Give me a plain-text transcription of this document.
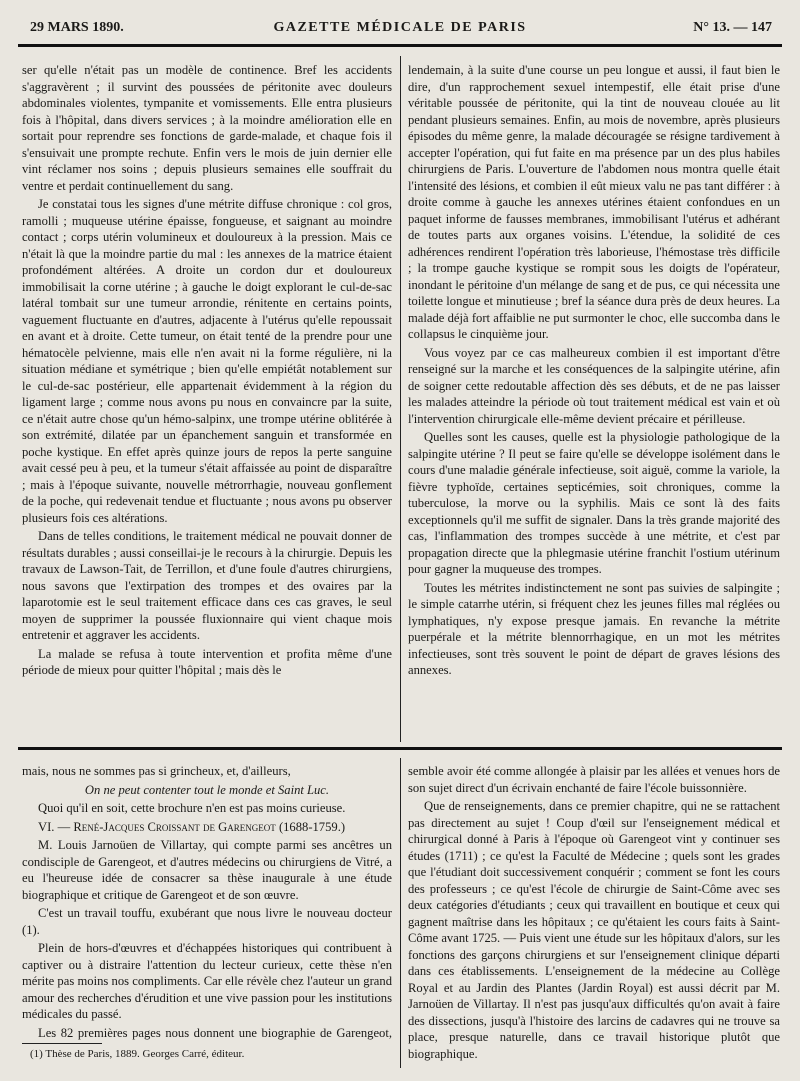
29 MARS 1890.	GAZETTE MÉDICALE DE PARIS	N° 13. — 147

ser qu'elle n'était pas un modèle de continence. Bref les accidents s'aggravèrent ; il survint des poussées de péritonite avec douleurs abdominales violentes, tympanite et vomissements. Elle entra plusieurs fois à l'hôpital, dans divers services ; à la moindre amélioration elle en sortait pour reprendre ses fonctions de garde-malade, et chaque fois il s'ensuivait une prompte rechute. Enfin vers le mois de juin dernier elle vint réclamer nos soins ; depuis plusieurs semaines elle souffrait du ventre et perdait continuellement du sang.

Je constatai tous les signes d'une métrite diffuse chronique : col gros, ramolli ; muqueuse utérine épaisse, fongueuse, et saignant au moindre contact ; corps utérin volumineux et douloureux à la pression. Mais ce n'était là que la moindre partie du mal : les annexes de la matrice étaient profondément altérées. A droite un cordon dur et douloureux immobilisait la corne utérine ; à gauche le doigt explorant le cul-de-sac latéral tombait sur une tumeur arrondie, rénitente en certains points, vaguement fluctuante en d'autres, adjacente à l'utérus qu'elle repoussait en avant et à droite. Cette tumeur, on était tenté de la prendre pour une hématocèle pelvienne, mais elle n'en avait ni la forme régulière, ni la situation médiane et symétrique ; bien qu'elle empiétât notablement sur le cul-de-sac postérieur, elle appartenait évidemment à la région du ligament large ; comme nous avons pu nous en convaincre par la suite, ce n'était autre chose qu'un hémo-salpinx, une trompe utérine oblitérée à son extrémité, dilatée par un épanchement sanguin et transformée en poche kystique. En effet après quinze jours de repos la perte sanguine avait cessé peu à peu, et la tumeur s'était affaissée au point de disparaître ; mais à l'époque suivante, nouvelle métrorrhagie, nouveau gonflement de la poche, qui redevenait tendue et fluctuante ; nous avons pu observer plusieurs fois ces altérations.

Dans de telles conditions, le traitement médical ne pouvait donner de résultats durables ; aussi conseillai-je le recours à la chirurgie. Depuis les travaux de Lawson-Tait, de Terrillon, et d'une foule d'autres chirurgiens, nous savons que l'extirpation des trompes et des ovaires par la laparotomie est le seul traitement efficace dans ces cas graves, le seul moyen de supprimer la poussée fluxionnaire qui vient chaque mois entretenir et aggraver les accidents.

La malade se refusa à toute intervention et profita même d'une période de mieux pour quitter l'hôpital ; mais dès le

lendemain, à la suite d'une course un peu longue et aussi, il faut bien le dire, d'un rapprochement sexuel intempestif, elle était prise d'une véritable poussée de péritonite, qui la tint de nouveau clouée au lit pendant plusieurs semaines. Enfin, au mois de novembre, après plusieurs épisodes du même genre, la malade découragée se résigne tardivement à accepter l'opération, qui fut faite en ma présence par un des plus habiles chirurgiens de Paris. L'ouverture de l'abdomen nous montra quelle était l'intensité des lésions, et combien il eût mieux valu ne pas tant différer : à droite comme à gauche les annexes utérines étaient confondues en un paquet informe de fausses membranes, immobilisant l'utérus et adhérant de toutes parts aux organes voisins. L'étendue, la solidité de ces adhérences rendirent l'opération très laborieuse, l'hémostase très difficile ; la trompe gauche kystique se rompit sous les doigts de l'opérateur, inondant le péritoine d'un mélange de sang et de pus, ce qui nécessita une toilette longue et minutieuse ; bref la séance dura près de deux heures. La malade déjà fort affaiblie ne put surmonter le choc, elle succomba dans le collapsus le cinquième jour.

Vous voyez par ce cas malheureux combien il est important d'être renseigné sur la marche et les conséquences de la salpingite utérine, afin de soigner cette redoutable affection dès ses débuts, et de ne pas laisser les malades atteindre la période où tout traitement médical est vain et où l'intervention chirurgicale elle-même devient précaire et périlleuse.

Quelles sont les causes, quelle est la physiologie pathologique de la salpingite utérine ? Il peut se faire qu'elle se développe isolément dans le cours d'une maladie générale infectieuse, soit aiguë, comme la variole, la fièvre typhoïde, certaines septicémies, soit chroniques, comme la tuberculose, la morve ou la syphilis. Mais ce sont là des faits exceptionnels qu'il me suffit de signaler. Dans la très grande majorité des cas, l'inflammation des trompes succède à une métrite, et c'est par propagation directe que la phlegmasie utérine franchit l'ostium utérinum pour gagner la muqueuse des trompes.

Toutes les métrites indistinctement ne sont pas suivies de salpingite ; le simple catarrhe utérin, si fréquent chez les jeunes filles mal réglées ou lymphatiques, n'y expose presque jamais. En revanche la métrite puerpérale et la métrite blennorrhagique, en un mot les métrites infectieuses, sont très souvent le point de départ de graves lésions des annexes.

mais, nous ne sommes pas si grincheux, et, d'ailleurs,

On ne peut contenter tout le monde et Saint Luc.

Quoi qu'il en soit, cette brochure n'en est pas moins curieuse.

VI. — René-Jacques Croissant de Garengeot (1688-1759.)

M. Louis Jarnoüen de Villartay, qui compte parmi ses ancêtres un condisciple de Garengeot, et d'autres médecins ou chirurgiens de Vitré, a eu l'heureuse idée de consacrer sa thèse inaugurale à une étude biographique et critique de Garengeot et de son œuvre.

C'est un travail touffu, exubérant que nous livre le nouveau docteur (1).

Plein de hors-d'œuvres et d'échappées historiques qui contribuent à captiver ou à distraire l'attention du lecteur curieux, cette thèse n'en mérite pas moins nos compliments. Car elle révèle chez l'auteur un grand amour des recherches d'érudition et une vive passion pour les institutions médicales du passé.

Les 82 premières pages nous donnent une biographie de Garengeot,

(1) Thèse de Paris, 1889. Georges Carré, éditeur.

semble avoir été comme allongée à plaisir par les allées et venues hors de son sujet direct d'un écrivain enchanté de faire l'école buissonnière.

Que de renseignements, dans ce premier chapitre, qui ne se rattachent pas directement au sujet ! Coup d'œil sur l'enseignement médical et chirurgical donné à Paris à l'époque où Garengeot vint y continuer ses études (1711) ; ce qu'est la Faculté de Médecine ; quels sont les grades que l'étudiant doit successivement conquérir ; comment se font les cours des professeurs ; ce qu'est l'école de chirurgie de Saint-Côme avec ses deux catégories d'étudiants ; ceux qui travaillent en boutique et ceux qui gagnent maîtrise dans les hôpitaux ; ce qu'étaient les cours faits à Saint-Côme avant 1725. — Puis vient une étude sur les hôpitaux d'alors, sur les fonctions des garçons chirurgiens et sur l'enseignement clinique départi dans ces établissements. L'enseignement de la médecine au Collège Royal et au Jardin des Plantes (Jardin Royal) est aussi décrit par M. Jarnoüen de Villartay. Il n'est pas jusqu'aux difficultés qu'on avait à faire des dissections, jusqu'à l'histoire des larcins de cadavres qui ne trouve sa place, presque naturelle, dans ce travail historique plutôt que biographique.
